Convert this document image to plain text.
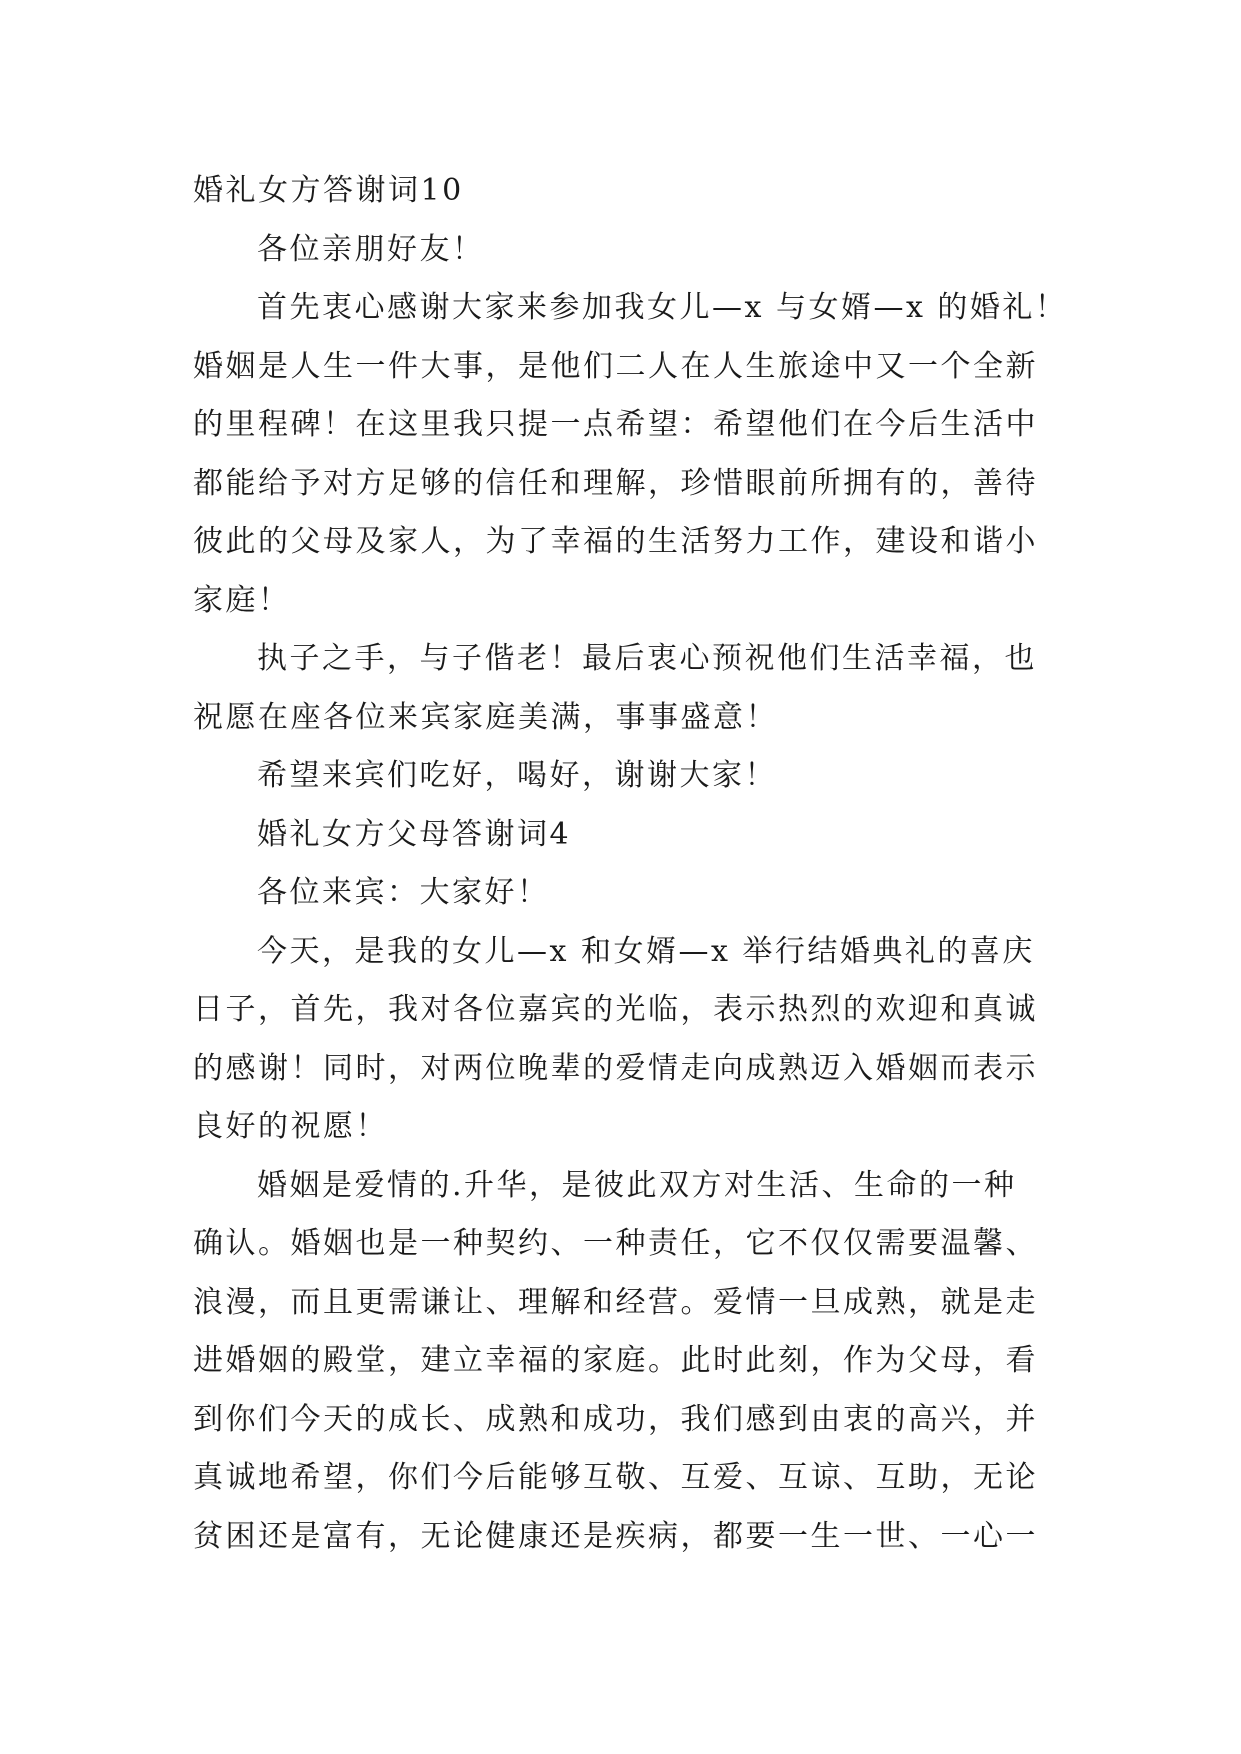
婚礼女方答谢词10
各位亲朋好友！
首先衷心感谢大家来参加我女儿—x 与女婿—x 的婚礼！
婚姻是人生一件大事，是他们二人在人生旅途中又一个全新
的里程碑！在这里我只提一点希望：希望他们在今后生活中
都能给予对方足够的信任和理解，珍惜眼前所拥有的，善待
彼此的父母及家人，为了幸福的生活努力工作，建设和谐小
家庭！
执子之手，与子偕老！最后衷心预祝他们生活幸福，也
祝愿在座各位来宾家庭美满，事事盛意！
希望来宾们吃好，喝好，谢谢大家！
婚礼女方父母答谢词4
各位来宾：大家好！
今天，是我的女儿—x 和女婿—x 举行结婚典礼的喜庆
日子，首先，我对各位嘉宾的光临，表示热烈的欢迎和真诚
的感谢！同时，对两位晚辈的爱情走向成熟迈入婚姻而表示
良好的祝愿！
婚姻是爱情的.升华，是彼此双方对生活、生命的一种
确认。婚姻也是一种契约、一种责任，它不仅仅需要温馨、
浪漫，而且更需谦让、理解和经营。爱情一旦成熟，就是走
进婚姻的殿堂，建立幸福的家庭。此时此刻，作为父母，看
到你们今天的成长、成熟和成功，我们感到由衷的高兴，并
真诚地希望，你们今后能够互敬、互爱、互谅、互助，无论
贫困还是富有，无论健康还是疾病，都要一生一世、一心一
